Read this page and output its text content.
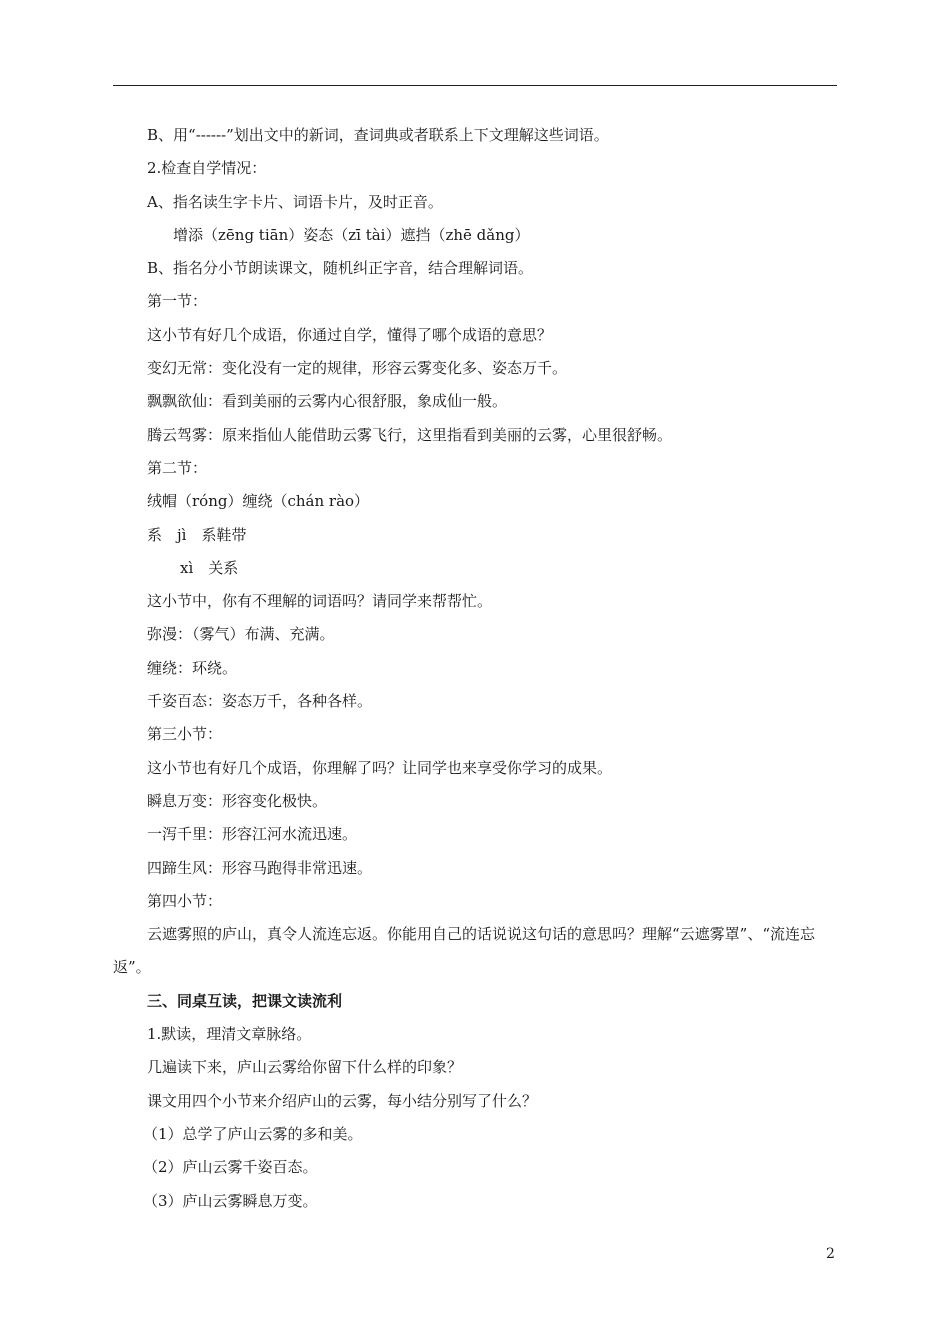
B、用“------”划出文中的新词，查词典或者联系上下文理解这些词语。
2.检查自学情况：
A、指名读生字卡片、词语卡片，及时正音。
增添（zēng tiān）姿态（zī tài）遮挡（zhē dǎng）
B、指名分小节朗读课文，随机纠正字音，结合理解词语。
第一节：
这小节有好几个成语，你通过自学，懂得了哪个成语的意思？
变幻无常：变化没有一定的规律，形容云雾变化多、姿态万千。
飘飘欲仙：看到美丽的云雾内心很舒服，象成仙一般。
腾云驾雾：原来指仙人能借助云雾飞行，这里指看到美丽的云雾，心里很舒畅。
第二节：
绒帽（róng）缠绕（chán rào）
系　jì　系鞋带
xì　关系
这小节中，你有不理解的词语吗？请同学来帮帮忙。
弥漫：（雾气）布满、充满。
缠绕：环绕。
千姿百态：姿态万千，各种各样。
第三小节：
这小节也有好几个成语，你理解了吗？让同学也来享受你学习的成果。
瞬息万变：形容变化极快。
一泻千里：形容江河水流迅速。
四蹄生风：形容马跑得非常迅速。
第四小节：
云遮雾照的庐山，真令人流连忘返。你能用自己的话说说这句话的意思吗？理解“云遮雾罩”、“流连忘返”。
三、同桌互读，把课文读流利
1.默读，理清文章脉络。
几遍读下来，庐山云雾给你留下什么样的印象？
课文用四个小节来介绍庐山的云雾，每小结分别写了什么？
（1）总学了庐山云雾的多和美。
（2）庐山云雾千姿百态。
（3）庐山云雾瞬息万变。
2
